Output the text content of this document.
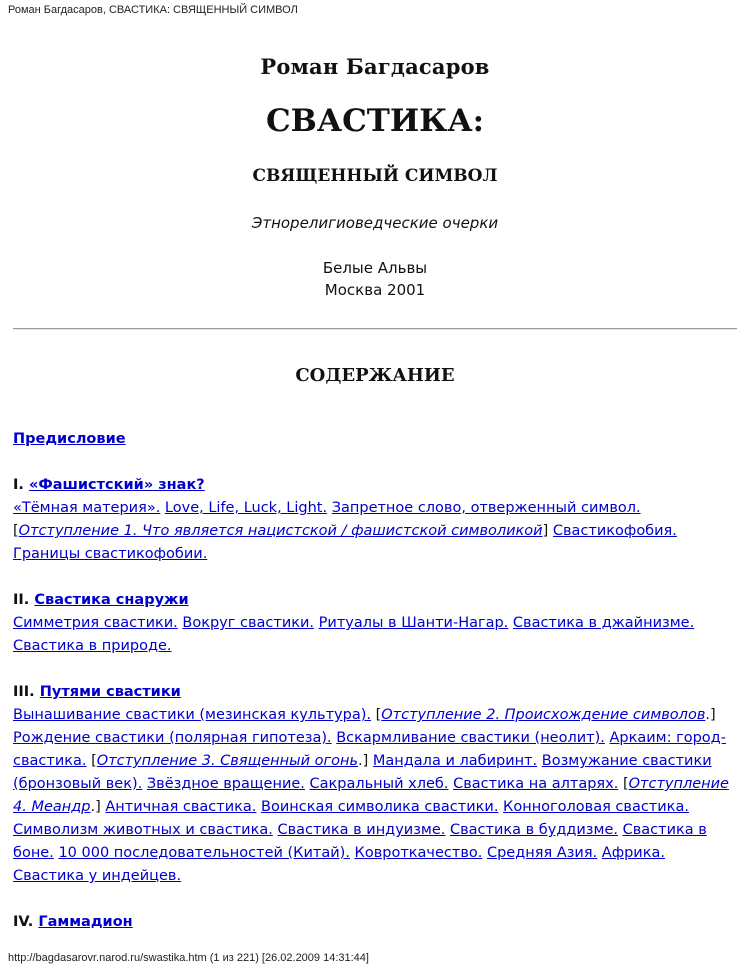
Роман Багдасаров, СВАСТИКА: СВЯЩЕННЫЙ СИМВОЛ
Роман Багдасаров
СВАСТИКА:
СВЯЩЕННЫЙ СИМВОЛ
Этнорелигиоведческие очерки
Белые Альвы
Москва 2001
СОДЕРЖАНИЕ
Предисловие
I. «Фашистский» знак?
«Тёмная материя». Love, Life, Luck, Light. Запретное слово, отверженный символ. [Отступление 1. Что является нацистской / фашистской символикой] Свастикофобия. Границы свастикофобии.
II. Свастика снаружи
Симметрия свастики. Вокруг свастики. Ритуалы в Шанти-Нагар. Свастика в джайнизме. Свастика в природе.
III. Путями свастики
Вынашивание свастики (мезинская культура). [Отступление 2. Происхождение символов.] Рождение свастики (полярная гипотеза). Вскармливание свастики (неолит). Аркаим: город-свастика. [Отступление 3. Священный огонь.] Мандала и лабиринт. Возмужание свастики (бронзовый век). Звёздное вращение. Сакральный хлеб. Свастика на алтарях. [Отступление 4. Меандр.] Античная свастика. Воинская символика свастики. Конноголовая свастика. Символизм животных и свастика. Свастика в индуизме. Свастика в буддизме. Свастика в боне. 10 000 последовательностей (Китай). Ковроткачество. Средняя Азия. Африка. Свастика у индейцев.
IV. Гаммадион
http://bagdasarovr.narod.ru/swastika.htm (1 из 221) [26.02.2009 14:31:44]
